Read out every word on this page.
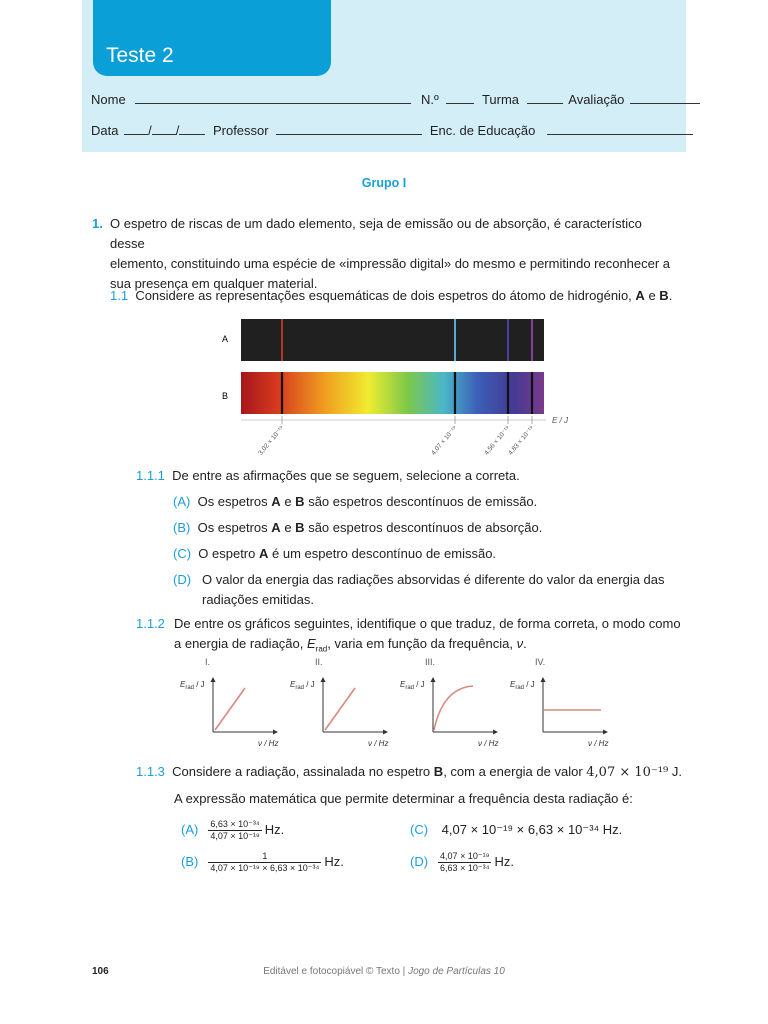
Teste 2
Nome	N.º	Turma	Avaliação
Data / /	Professor	Enc. de Educação
Grupo I
1. O espetro de riscas de um dado elemento, seja de emissão ou de absorção, é característico desse
elemento, constituindo uma espécie de «impressão digital» do mesmo e permitindo reconhecer a
sua presença em qualquer material.
1.1 Considere as representações esquemáticas de dois espetros do átomo de hidrogénio, A e B.
A
B
E / J
3,02 × 10⁻¹⁹	4,07 × 10⁻¹⁹	4,56 × 10⁻¹⁹
4,83 × 10⁻¹⁹
1.1.1 De entre as afirmações que se seguem, selecione a correta.
(A) Os espetros A e B são espetros descontínuos de emissão.
(B) Os espetros A e B são espetros descontínuos de absorção.
(C) O espetro A é um espetro descontínuo de emissão.
(D) O valor da energia das radiações absorvidas é diferente do valor da energia das
radiações emitidas.
1.1.2 De entre os gráficos seguintes, identifique o que traduz, de forma correta, o modo como
a energia de radiação, $E_{rad}$, varia em função da frequência, ν.
I.
$E_{rad}$ / J
ν / Hz
II.
$E_{rad}$ / J
ν / Hz
III.
$E_{rad}$ / J
ν / Hz
IV.
$E_{rad}$ / J
ν / Hz
1.1.3 Considere a radiação, assinalada no espetro B, com a energia de valor 4,07 × 10⁻¹⁹ J.
A expressão matemática que permite determinar a frequência desta radiação é:
$(A) \frac{\text{6,63 × 10⁻³⁴}}{\text{4,07 × 10⁻¹⁹}} Hz$.
$(B) \frac{1}{\text{4,07 × 10⁻¹⁹ × 6,63 × 10⁻³⁴}} Hz$.
(C) 4,07 × 10⁻¹⁹ × 6,63 × 10⁻³⁴ Hz.
$(D) \frac{\text{4,07 × 10⁻¹⁹}}{\text{6,63 × 10⁻³⁴}} Hz$.
106	Editável e fotocopiável © Texto | Jogo de Partículas 10
